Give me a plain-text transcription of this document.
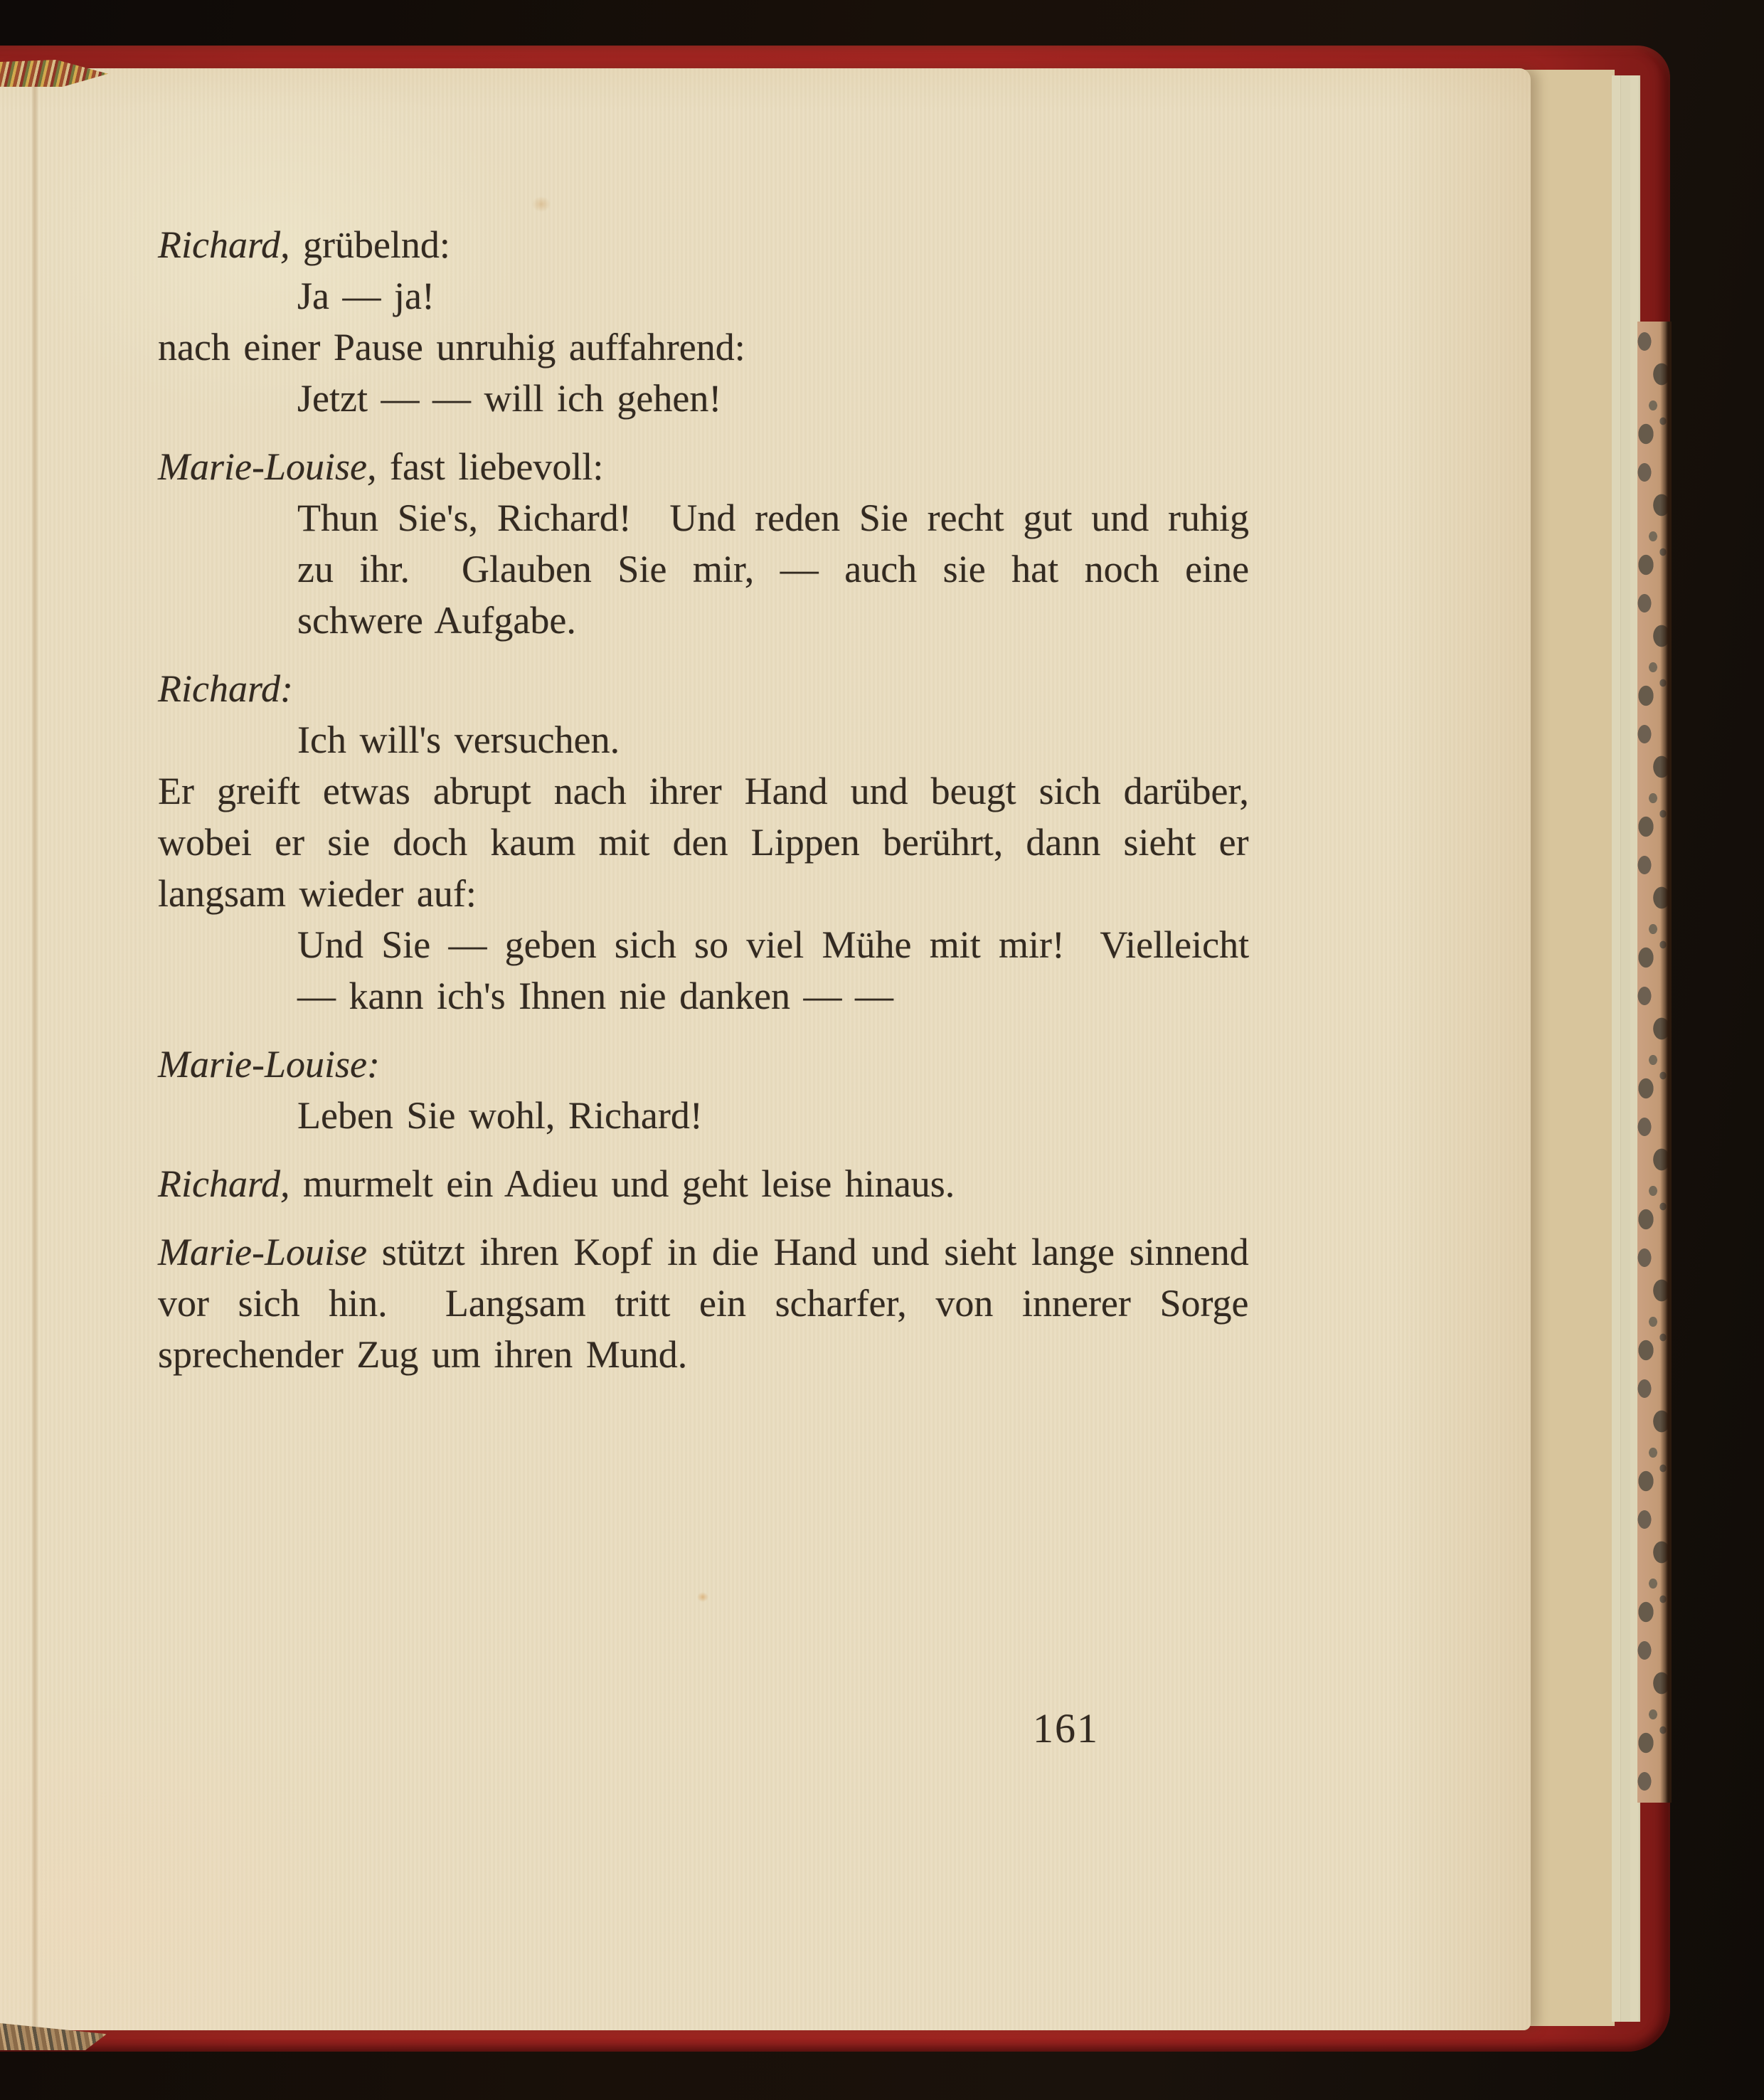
Richard, grübelnd:
Ja — ja!
nach einer Pause unruhig auffahrend:
Jetzt — — will ich gehen!
Marie-Louise, fast liebevoll:
Thun Sie's, Richard!  Und reden Sie recht gut und ruhig
zu ihr.  Glauben Sie mir, — auch sie hat noch eine
schwere Aufgabe.
Richard:
Ich will's versuchen.
Er greift etwas abrupt nach ihrer Hand und beugt sich darüber,
wobei er sie doch kaum mit den Lippen berührt, dann sieht er
langsam wieder auf:
Und Sie — geben sich so viel Mühe mit mir!  Vielleicht
— kann ich's Ihnen nie danken — —
Marie-Louise:
Leben Sie wohl, Richard!
Richard, murmelt ein Adieu und geht leise hinaus.
Marie-Louise stützt ihren Kopf in die Hand und sieht lange sinnend
vor sich hin.  Langsam tritt ein scharfer, von innerer Sorge
sprechender Zug um ihren Mund.
161
